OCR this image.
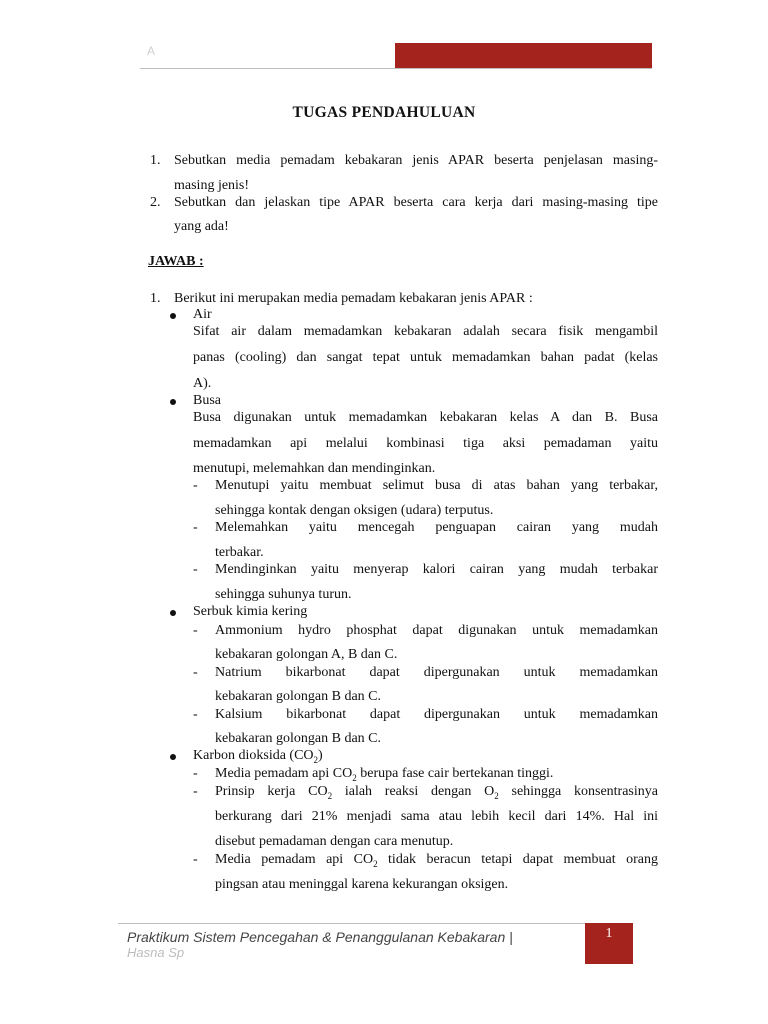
A
TUGAS PENDAHULUAN
1. Sebutkan media pemadam kebakaran jenis APAR beserta penjelasan masing-
masing jenis!
2. Sebutkan dan jelaskan tipe APAR beserta cara kerja dari masing-masing tipe
yang ada!
JAWAB :
1. Berikut ini merupakan media pemadam kebakaran jenis APAR :
Air
Sifat air dalam memadamkan kebakaran adalah secara fisik mengambil
panas (cooling) dan sangat tepat untuk memadamkan bahan padat (kelas
A).
Busa
Busa digunakan untuk memadamkan kebakaran kelas A dan B. Busa
memadamkan api melalui kombinasi tiga aksi pemadaman yaitu
menutupi, melemahkan dan mendinginkan.
- Menutupi yaitu membuat selimut busa di atas bahan yang terbakar,
sehingga kontak dengan oksigen (udara) terputus.
- Melemahkan yaitu mencegah penguapan cairan yang mudah
terbakar.
- Mendinginkan yaitu menyerap kalori cairan yang mudah terbakar
sehingga suhunya turun.
Serbuk kimia kering
- Ammonium hydro phosphat dapat digunakan untuk memadamkan
kebakaran golongan A, B dan C.
- Natrium bikarbonat dapat dipergunakan untuk memadamkan
kebakaran golongan B dan C.
- Kalsium bikarbonat dapat dipergunakan untuk memadamkan
kebakaran golongan B dan C.
Karbon dioksida $(CO_2)$
- Media pemadam api $CO_2$ berupa fase cair bertekanan tinggi.
- Prinsip kerja $CO_2$ ialah reaksi dengan $O_2$ sehingga konsentrasinya
berkurang dari 21% menjadi sama atau lebih kecil dari 14%. Hal ini
disebut pemadaman dengan cara menutup.
- Media pemadam api $CO_2$ tidak beracun tetapi dapat membuat orang
pingsan atau meninggal karena kekurangan oksigen.
Praktikum Sistem Pencegahan & Penanggulanan Kebakaran |
Hasna Sp
1
